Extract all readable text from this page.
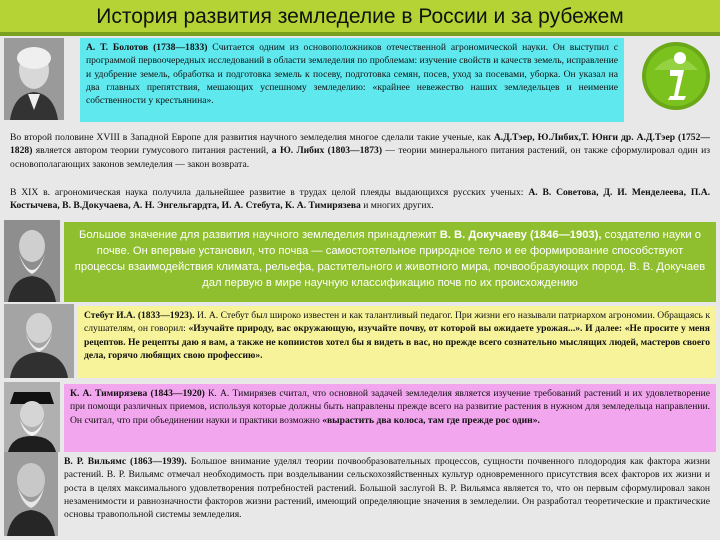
История развития земледелие в России и за рубежем

А. Т. Болотов (1738—1833) Считается одним из основоположников отечественной агрономической науки. Он выступил с программой первоочередных исследований в области земледелия по проблемам: изучение свойств и качеств земель, исправление и удобрение земель, обработка и подготовка земель к посеву, подготовка семян, посев, уход за посевами, уборка. Он указал на два главных препятствия, мешающих успешному земледелию: «крайнее невежество наших земледельцев и неимение собственности у крестьянина».

Во второй половине XVIII в Западной Европе для развития научного земледелия многое сделали такие ученые, как А.Д.Тэер, Ю.Либих,Т. Юнги др. А.Д.Тэер (1752—1828) является автором теории гумусового питания растений, а Ю. Либих (1803—1873) — теории минерального питания растений, он также сформулировал один из основополагающих законов земледелия — закон возврата.

В XIX в. агрономическая наука получила дальнейшее развитие в трудах целой плеяды выдающихся русских ученых: А. В. Советова, Д. И. Менделеева, П.А. Костычева, В. В.Докучаева, А. Н. Энгельгардта, И. А. Стебута, К. А. Тимирязева и многих других.

Большое значение для развития научного земледелия принадлежит В. В. Докучаеву (1846—1903), создателю науки о почве. Он впервые установил, что почва — самостоятельное природное тело и ее формирование способствуют процессы взаимодействия климата, рельефа, растительного и животного мира, почвообразующих пород. В. В. Докучаев дал первую в мире научную классификацию почв по их происхождению

Стебут И.А. (1833—1923). И. А. Стебут был широко известен и как талантливый педагог. При жизни его называли патриархом агрономии. Обращаясь к слушателям, он говорил: «Изучайте природу, вас окружающую, изучайте почву, от которой вы ожидаете урожая...». И далее: «Не просите у меня рецептов. Не рецепты даю я вам, а также не копиистов хотел бы я видеть в вас, но прежде всего сознательно мыслящих людей, мастеров своего дела, горячо любящих свою профессию».

К. А. Тимирязева (1843—1920) К. А. Тимирязев считал, что основной задачей земледелия является изучение требований растений и их удовлетворение при помощи различных приемов, используя которые должны быть направлены прежде всего на развитие растения в нужном для земледельца направлении. Он считал, что при объединении науки и практики возможно «вырастить два колоса, там где прежде рос один».

В. Р. Вильямс (1863—1939). Большое внимание уделял теории почвообразовательных процессов, сущности почвенного плодородия как фактора жизни растений. В. Р. Вильямс отмечал необходимость при возделывании сельскохозяйственных культур одновременного присутствия всех факторов их жизни и роста в целях максимального удовлетворения потребностей растений. Большой заслугой В. Р. Вильямса является то, что он первым сформулировал закон незаменимости и равнозначности факторов жизни растений, имеющий определяющие значения в земледелии. Он разработал теоретические и практические основы травопольной системы земледелия.
